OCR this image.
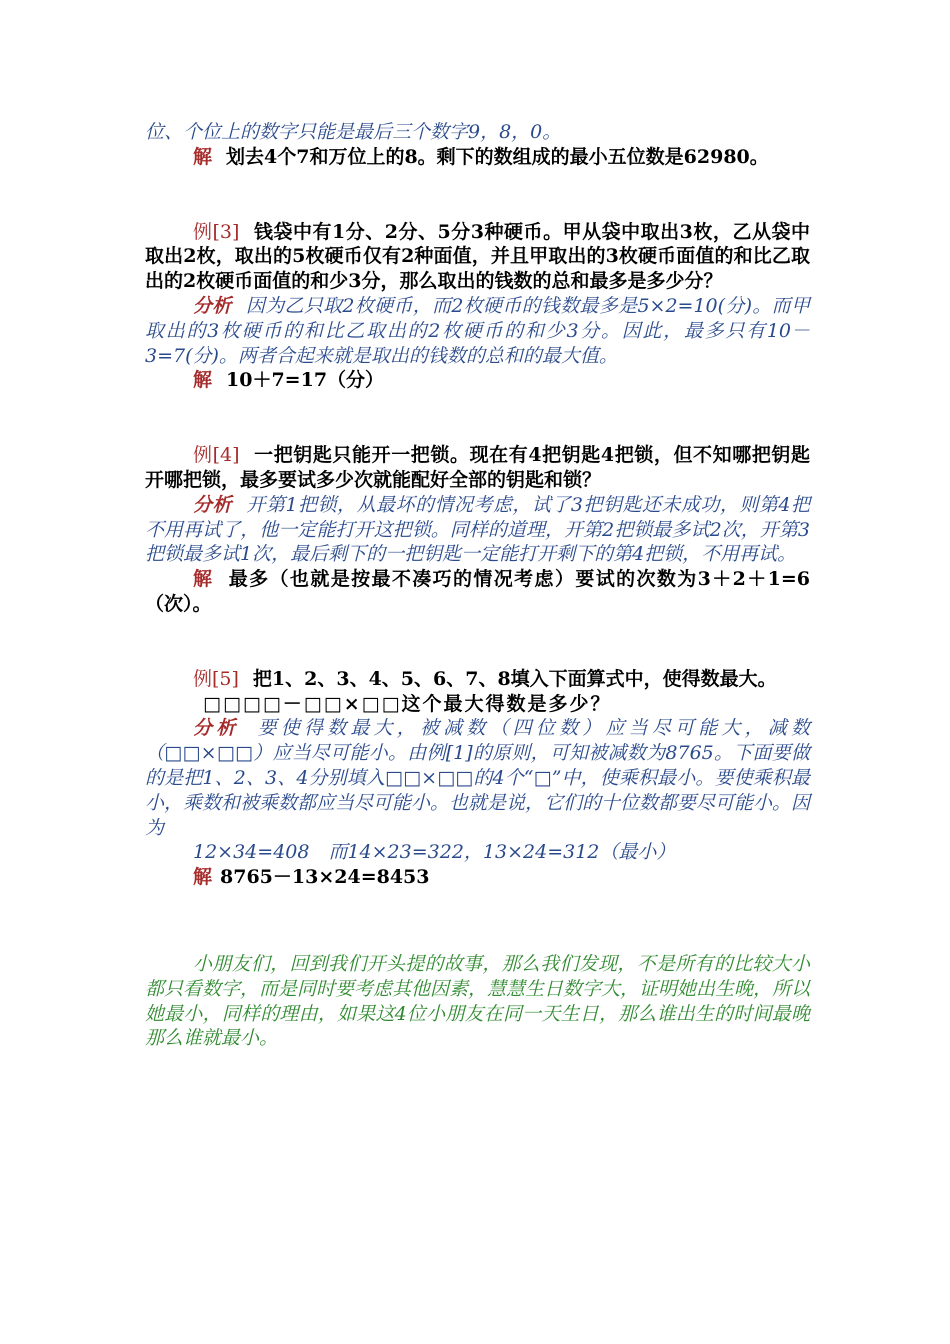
位、个位上的数字只能是最后三个数字9，8，0。

解 划去4个7和万位上的8。剩下的数组成的最小五位数是62980。

例[3] 钱袋中有1分、2分、5分3种硬币。甲从袋中取出3枚，乙从袋中取出2枚，取出的5枚硬币仅有2种面值，并且甲取出的3枚硬币面值的和比乙取出的2枚硬币面值的和少3分，那么取出的钱数的总和最多是多少分？

分析 因为乙只取2枚硬币，而2枚硬币的钱数最多是5×2=10(分)。而甲取出的3枚硬币的和比乙取出的2枚硬币的和少3分。因此，最多只有10－3=7(分)。两者合起来就是取出的钱数的总和的最大值。

解 10＋7=17（分）

例[4] 一把钥匙只能开一把锁。现在有4把钥匙4把锁，但不知哪把钥匙开哪把锁，最多要试多少次就能配好全部的钥匙和锁？

分析 开第1把锁，从最坏的情况考虑，试了3把钥匙还未成功，则第4把不用再试了，他一定能打开这把锁。同样的道理，开第2把锁最多试2次，开第3把锁最多试1次，最后剩下的一把钥匙一定能打开剩下的第4把锁，不用再试。

解 最多（也就是按最不凑巧的情况考虑）要试的次数为3＋2＋1=6（次）。

例[5] 把1、2、3、4、5、6、7、8填入下面算式中，使得数最大。

□□□□－□□×□□这个最大得数是多少？

分析 要使得数最大，被减数（四位数）应当尽可能大，减数（□□×□□）应当尽可能小。由例[1]的原则，可知被减数为8765。下面要做的是把1、2、3、4分别填入□□×□□的4个“□”中，使乘积最小。要使乘积最小，乘数和被乘数都应当尽可能小。也就是说，它们的十位数都要尽可能小。因为

12×34=408　而14×23=322，13×24=312（最小）

解 8765－13×24=8453

小朋友们，回到我们开头提的故事，那么我们发现，不是所有的比较大小都只看数字，而是同时要考虑其他因素，慧慧生日数字大，证明她出生晚，所以她最小，同样的理由，如果这4位小朋友在同一天生日，那么谁出生的时间最晚那么谁就最小。
